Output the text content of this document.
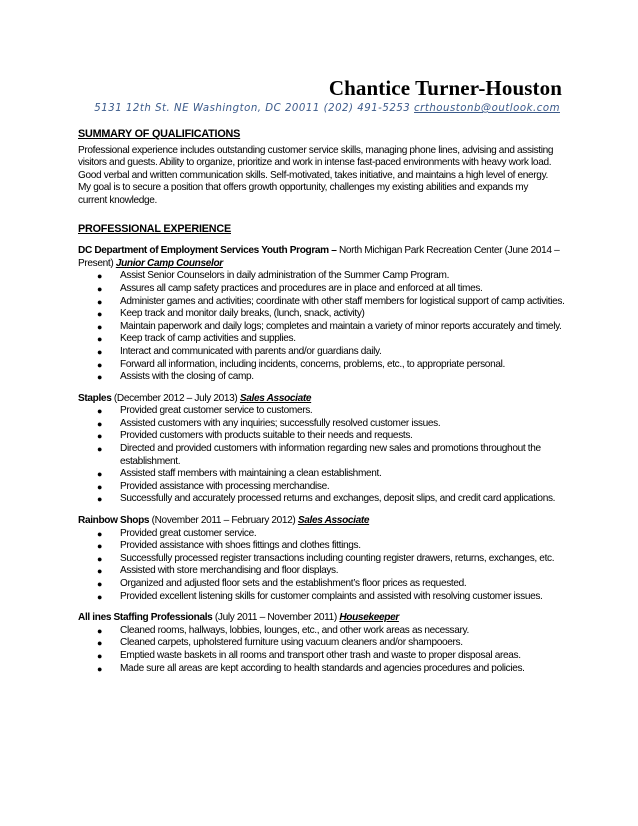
Chantice Turner-Houston
5131 12th St. NE Washington, DC 20011 (202) 491-5253 crthoustonb@outlook.com
SUMMARY OF QUALIFICATIONS
Professional experience includes outstanding customer service skills, managing phone lines, advising and assisting
visitors and guests. Ability to organize, prioritize and work in intense fast-paced environments with heavy work load.
Good verbal and written communication skills. Self-motivated, takes initiative, and maintains a high level of energy.
My goal is to secure a position that offers growth opportunity, challenges my existing abilities and expands my
current knowledge.
PROFESSIONAL EXPERIENCE
DC Department of Employment Services Youth Program – North Michigan Park Recreation Center (June 2014 –
Present) Junior Camp Counselor
● Assist Senior Counselors in daily administration of the Summer Camp Program.
● Assures all camp safety practices and procedures are in place and enforced at all times.
● Administer games and activities; coordinate with other staff members for logistical support of camp activities.
● Keep track and monitor daily breaks, (lunch, snack, activity)
● Maintain paperwork and daily logs; completes and maintain a variety of minor reports accurately and timely.
● Keep track of camp activities and supplies.
● Interact and communicated with parents and/or guardians daily.
● Forward all information, including incidents, concerns, problems, etc., to appropriate personal.
● Assists with the closing of camp.
Staples (December 2012 – July 2013) Sales Associate
● Provided great customer service to customers.
● Assisted customers with any inquiries; successfully resolved customer issues.
● Provided customers with products suitable to their needs and requests.
● Directed and provided customers with information regarding new sales and promotions throughout the establishment.
● Assisted staff members with maintaining a clean establishment.
● Provided assistance with processing merchandise.
● Successfully and accurately processed returns and exchanges, deposit slips, and credit card applications.
Rainbow Shops (November 2011 – February 2012) Sales Associate
● Provided great customer service.
● Provided assistance with shoes fittings and clothes fittings.
● Successfully processed register transactions including counting register drawers, returns, exchanges, etc.
● Assisted with store merchandising and floor displays.
● Organized and adjusted floor sets and the establishment’s floor prices as requested.
● Provided excellent listening skills for customer complaints and assisted with resolving customer issues.
All ines Staffing Professionals (July 2011 – November 2011) Housekeeper
● Cleaned rooms, hallways, lobbies, lounges, etc., and other work areas as necessary.
● Cleaned carpets, upholstered furniture using vacuum cleaners and/or shampooers.
● Emptied waste baskets in all rooms and transport other trash and waste to proper disposal areas.
● Made sure all areas are kept according to health standards and agencies procedures and policies.
